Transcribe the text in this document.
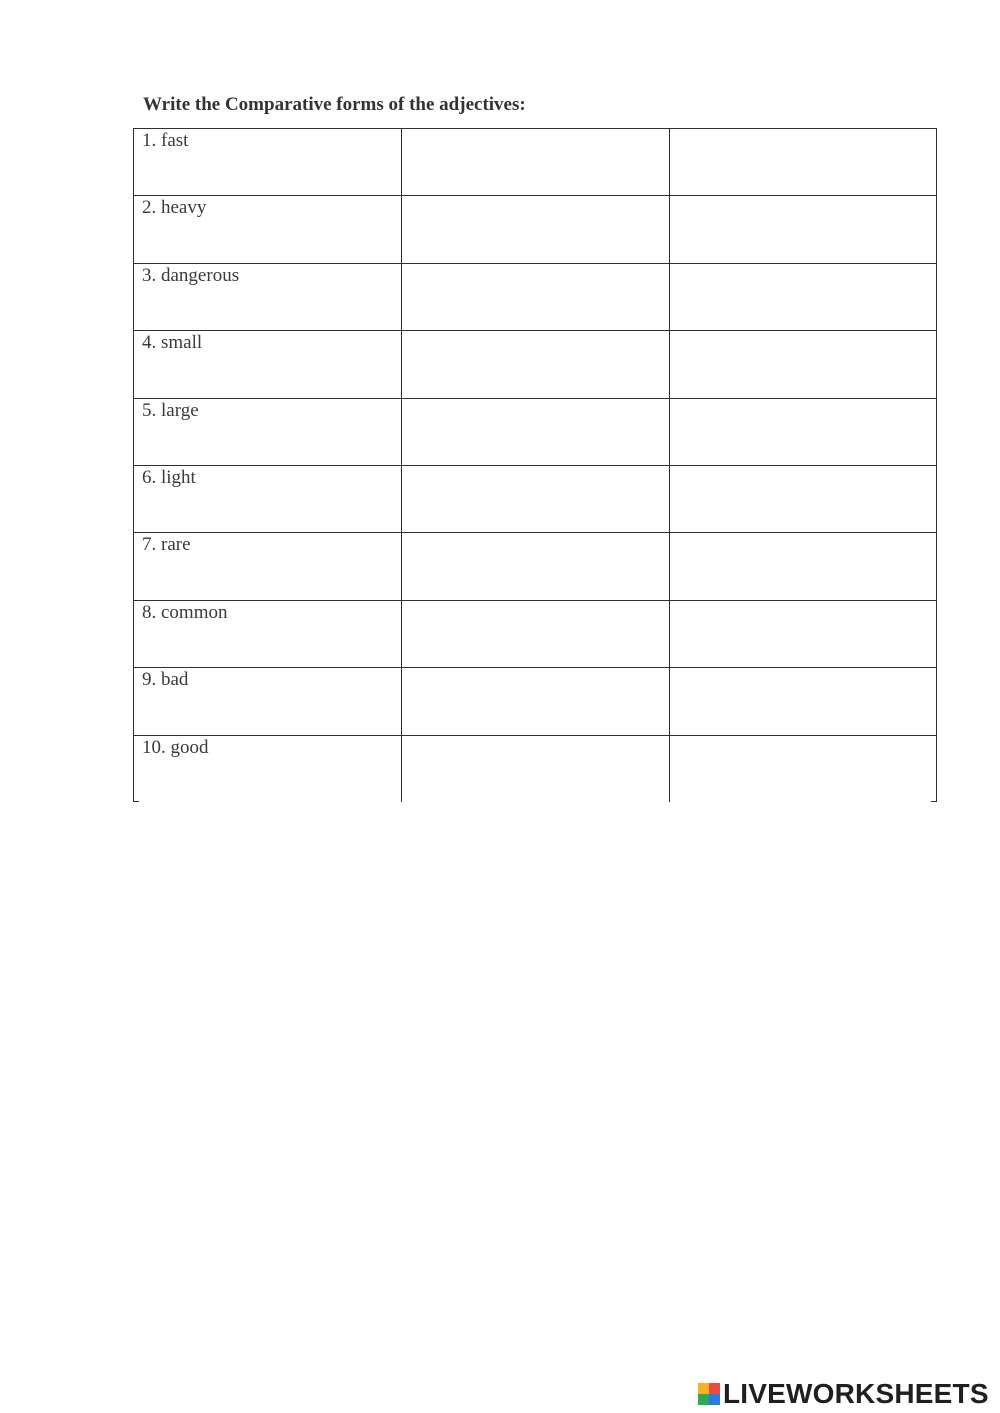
Write the Comparative forms of the adjectives:
1. fast
2. heavy
3. dangerous
4. small
5. large
6. light
7. rare
8. common
9. bad
10. good
LIVEWORKSHEETS
